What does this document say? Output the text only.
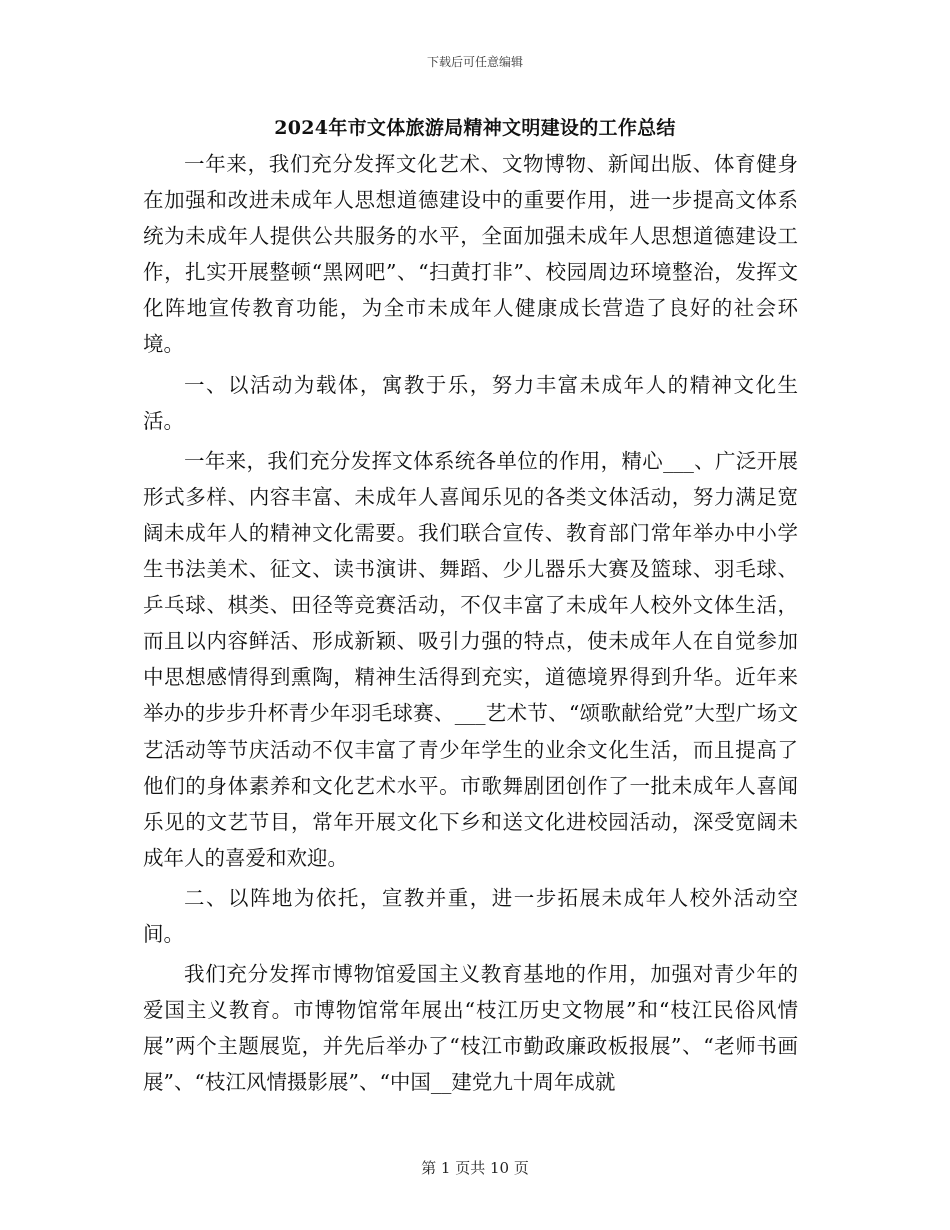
下载后可任意编辑
2024年市文体旅游局精神文明建设的工作总结

一年来，我们充分发挥文化艺术、文物博物、新闻出版、体育健身在加强和改进未成年人思想道德建设中的重要作用，进一步提高文体系统为未成年人提供公共服务的水平，全面加强未成年人思想道德建设工作，扎实开展整顿“黑网吧”、“扫黄打非”、校园周边环境整治，发挥文化阵地宣传教育功能，为全市未成年人健康成长营造了良好的社会环境。

一、以活动为载体，寓教于乐，努力丰富未成年人的精神文化生活。

一年来，我们充分发挥文体系统各单位的作用，精心___、广泛开展形式多样、内容丰富、未成年人喜闻乐见的各类文体活动，努力满足宽阔未成年人的精神文化需要。我们联合宣传、教育部门常年举办中小学生书法美术、征文、读书演讲、舞蹈、少儿器乐大赛及篮球、羽毛球、乒乓球、棋类、田径等竞赛活动，不仅丰富了未成年人校外文体生活，而且以内容鲜活、形成新颖、吸引力强的特点，使未成年人在自觉参加中思想感情得到熏陶，精神生活得到充实，道德境界得到升华。近年来举办的步步升杯青少年羽毛球赛、___艺术节、“颂歌献给党”大型广场文艺活动等节庆活动不仅丰富了青少年学生的业余文化生活，而且提高了他们的身体素养和文化艺术水平。市歌舞剧团创作了一批未成年人喜闻乐见的文艺节目，常年开展文化下乡和送文化进校园活动，深受宽阔未成年人的喜爱和欢迎。

二、以阵地为依托，宣教并重，进一步拓展未成年人校外活动空间。

我们充分发挥市博物馆爱国主义教育基地的作用，加强对青少年的爱国主义教育。市博物馆常年展出“枝江历史文物展”和“枝江民俗风情展”两个主题展览，并先后举办了“枝江市勤政廉政板报展”、“老师书画展”、“枝江风情摄影展”、“中国__建党九十周年成就

第 1 页共 10 页
